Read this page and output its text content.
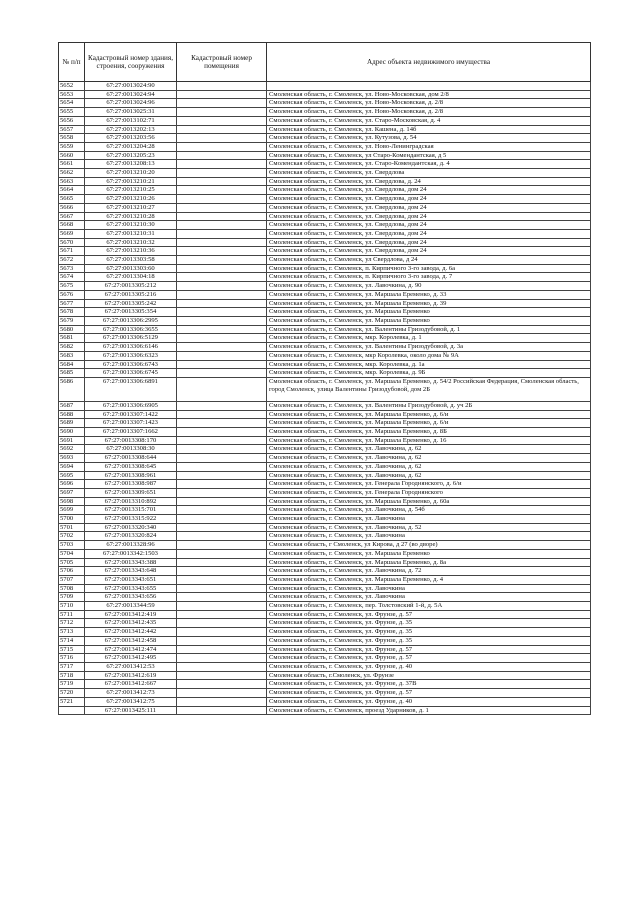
№ п/п	Кадастровый номер здания, строения, сооружения	Кадастровый номер помещения	Адрес объекта недвижимого имущества
5652	67:27:0013024:90		
5653	67:27:0013024:94		Смоленская область, г. Смоленск, ул. Ново-Московская, дом 2/8
5654	67:27:0013024:96		Смоленская область, г. Смоленск, ул. Ново-Московская, д. 2/8
5655	67:27:0013025:31		Смоленская область, г. Смоленск, ул. Ново-Московская, д. 2/8
5656	67:27:0013102:71		Смоленская область, г. Смоленск, ул. Старо-Московская, д. 4
5657	67:27:0013202:13		Смоленская область, г. Смоленск, ул. Кашена, д. 14б
5658	67:27:0013203:56		Смоленская область, г. Смоленск, ул. Кутузова, д. 54
5659	67:27:0013204:28		Смоленская область, г. Смоленск, ул. Ново-Ленинградская
5660	67:27:0013205:23		Смоленская область, г. Смоленск, ул Старо-Комендантская, д 5
5661	67:27:0013208:13		Смоленская область, г. Смоленск, ул. Старо-Комендантская, д. 4
5662	67:27:0013210:20		Смоленская область, г. Смоленск, ул. Свердлова
5663	67:27:0013210:21		Смоленская область, г. Смоленск, ул. Свердлова, д. 24
5664	67:27:0013210:25		Смоленская область, г. Смоленск, ул. Свердлова, дом 24
5665	67:27:0013210:26		Смоленская область, г. Смоленск, ул. Свердлова, дом 24
5666	67:27:0013210:27		Смоленская область, г. Смоленск, ул. Свердлова, дом 24
5667	67:27:0013210:28		Смоленская область, г. Смоленск, ул. Свердлова, дом 24
5668	67:27:0013210:30		Смоленская область, г. Смоленск, ул. Свердлова, дом 24
5669	67:27:0013210:31		Смоленская область, г. Смоленск, ул. Свердлова, дом 24
5670	67:27:0013210:32		Смоленская область, г. Смоленск, ул. Свердлова, дом 24
5671	67:27:0013210:36		Смоленская область, г. Смоленск, ул. Свердлова, дом 24
5672	67:27:0013303:58		Смоленская область, г. Смоленск, ул Свердлова, д 24
5673	67:27:0013303:60		Смоленская область, г. Смоленск, п. Кирпичного 3-го завода, д. 6а
5674	67:27:0013304:18		Смоленская область, г. Смоленск, п. Кирпичного 3-го завода, д. 7
5675	67:27:0013305:212		Смоленская область, г. Смоленск, ул. Лавочкина, д. 90
5676	67:27:0013305:216		Смоленская область, г. Смоленск, ул. Маршала Еременко, д. 33
5677	67:27:0013305:242		Смоленская область, г. Смоленск, ул. Маршала Еременко, д. 39
5678	67:27:0013305:354		Смоленская область, г. Смоленск, ул. Маршала Еременко
5679	67:27:0013306:2995		Смоленская область, г. Смоленск, ул. Маршала Еременко
5680	67:27:0013306:3655		Смоленская область, г. Смоленск, ул. Валентины Гризодубовой, д. 1
5681	67:27:0013306:5129		Смоленская область, г. Смоленск, мкр. Королевка, д. 1
5682	67:27:0013306:6146		Смоленская область, г. Смоленск, ул. Валентины Гризодубовой, д. 3а
5683	67:27:0013306:6323		Смоленская область, г. Смоленск, мкр Королевка, около дома № 9А
5684	67:27:0013306:6743		Смоленская область, г. Смоленск, мкр. Королевка, д. 1а
5685	67:27:0013306:6745		Смоленская область, г. Смоленск, мкр. Королевка, д. 9Б
5686	67:27:0013306:6891		Смоленская область, г. Смоленск, ул. Маршала Еременко, д. 54/2 Российская Федерация, Смоленская область, город Смоленск, улица Валентины Гризодубовой, дом 2Б
5687	67:27:0013306:6905		Смоленская область, г. Смоленск, ул. Валентины Гризодубовой, д. уч 2Б
5688	67:27:0013307:1422		Смоленская область, г. Смоленск, ул. Маршала Еременко, д. 6/и
5689	67:27:0013307:1423		Смоленская область, г. Смоленск, ул. Маршала Еременко, д. 6/и
5690	67:27:0013307:1662		Смоленская область, г. Смоленск, ул. Маршала Еременко, д. 8Б
5691	67:27:0013308:170		Смоленская область, г. Смоленск, ул. Маршала Еременко, д. 16
5692	67:27:0013308:30		Смоленская область, г. Смоленск, ул. Лавочкина, д. 62
5693	67:27:0013308:644		Смоленская область, г. Смоленск, ул. Лавочкина, д. 62
5694	67:27:0013308:645		Смоленская область, г. Смоленск, ул. Лавочкина, д. 62
5695	67:27:0013308:961		Смоленская область, г. Смоленск, ул. Лавочкина, д. 62
5696	67:27:0013308:987		Смоленская область, г. Смоленск, ул. Генерала Городнянского, д. 6/и
5697	67:27:0013309:651		Смоленская область, г. Смоленск, ул. Генерала Городнянского
5698	67:27:0013310:892		Смоленская область, г. Смоленск, ул. Маршала Еременко, д. 60а
5699	67:27:0013315:701		Смоленская область, г. Смоленск, ул. Лавочкина, д. 54б
5700	67:27:0013315:922		Смоленская область, г. Смоленск, ул. Лавочкина
5701	67:27:0013320:340		Смоленская область, г. Смоленск, ул. Лавочкина, д. 52
5702	67:27:0013320:824		Смоленская область, г. Смоленск, ул. Лавочкина
5703	67:27:0013328:96		Смоленская область, г Смоленск, ул Кирова, д 27 (во дворе)
5704	67:27:0013342:1503		Смоленская область, г. Смоленск, ул. Маршала Еременко
5705	67:27:0013343:388		Смоленская область, г. Смоленск, ул. Маршала Еременко, д. 8а
5706	67:27:0013343:648		Смоленская область, г. Смоленск, ул. Лавочкина, д. 72
5707	67:27:0013343:651		Смоленская область, г. Смоленск, ул. Маршала Еременко, д. 4
5708	67:27:0013343:655		Смоленская область, г. Смоленск, ул. Лавочкина
5709	67:27:0013343:656		Смоленская область, г. Смоленск, ул. Лавочкина
5710	67:27:0013344:59		Смоленская область, г. Смоленск, пер. Толстовский 1-й, д. 5А
5711	67:27:0013412:419		Смоленская область, г. Смоленск, ул. Фрунзе, д. 57
5712	67:27:0013412:435		Смоленская область, г. Смоленск, ул. Фрунзе, д. 35
5713	67:27:0013412:442		Смоленская область, г. Смоленск, ул. Фрунзе, д. 35
5714	67:27:0013412:458		Смоленская область, г. Смоленск, ул. Фрунзе, д. 35
5715	67:27:0013412:474		Смоленская область, г. Смоленск, ул. Фрунзе, д. 57
5716	67:27:0013412:495		Смоленская область, г. Смоленск, ул. Фрунзе, д. 57
5717	67:27:0013412:53		Смоленская область, г. Смоленск, ул. Фрунзе, д. 40
5718	67:27:0013412:619		Смоленская область, г.Смоленск, ул. Фрунзе
5719	67:27:0013412:667		Смоленская область, г. Смоленск, ул. Фрунзе, д. 37В
5720	67:27:0013412:73		Смоленская область, г. Смоленск, ул. Фрунзе, д. 57
5721	67:27:0013412:75		Смоленская область, г. Смоленск, ул. Фрунзе, д. 40
	67:27:0013425:111		Смоленская область, г. Смоленск, проезд Ударников, д. 1
